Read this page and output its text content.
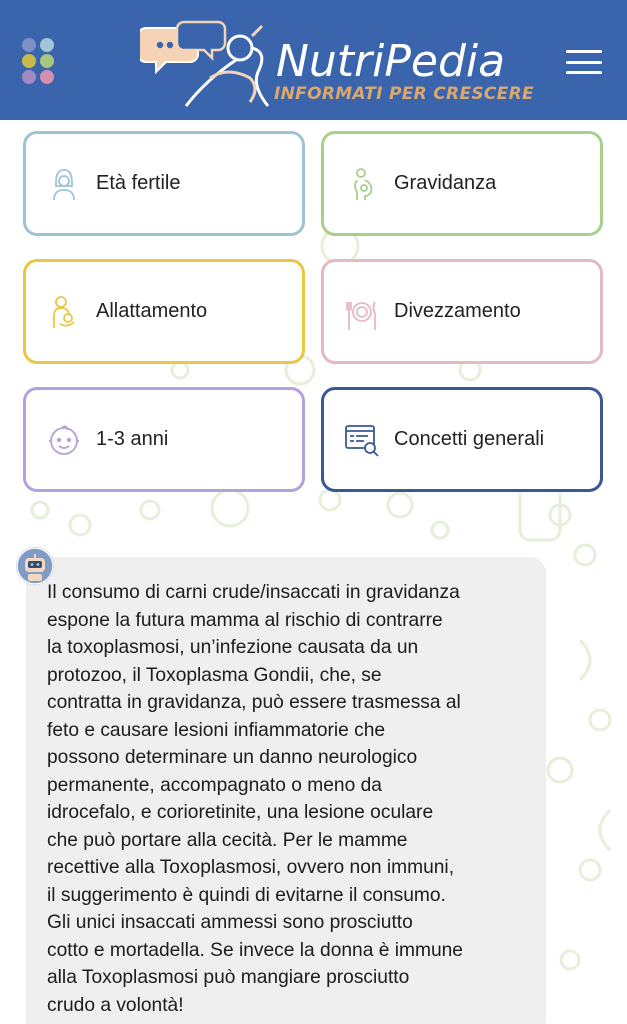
NutriPedia
INFORMATI PER CRESCERE
Età fertile	Gravidanza
Allattamento	Divezzamento
1-3 anni	Concetti generali
Il consumo di carni crude/insaccati in gravidanza
espone la futura mamma al rischio di contrarre
la toxoplasmosi, un’infezione causata da un
protozoo, il Toxoplasma Gondii, che, se
contratta in gravidanza, può essere trasmessa al
feto e causare lesioni infiammatorie che
possono determinare un danno neurologico
permanente, accompagnato o meno da
idrocefalo, e corioretinite, una lesione oculare
che può portare alla cecità. Per le mamme
recettive alla Toxoplasmosi, ovvero non immuni,
il suggerimento è quindi di evitarne il consumo.
Gli unici insaccati ammessi sono prosciutto
cotto e mortadella. Se invece la donna è immune
alla Toxoplasmosi può mangiare prosciutto
crudo a volontà!
